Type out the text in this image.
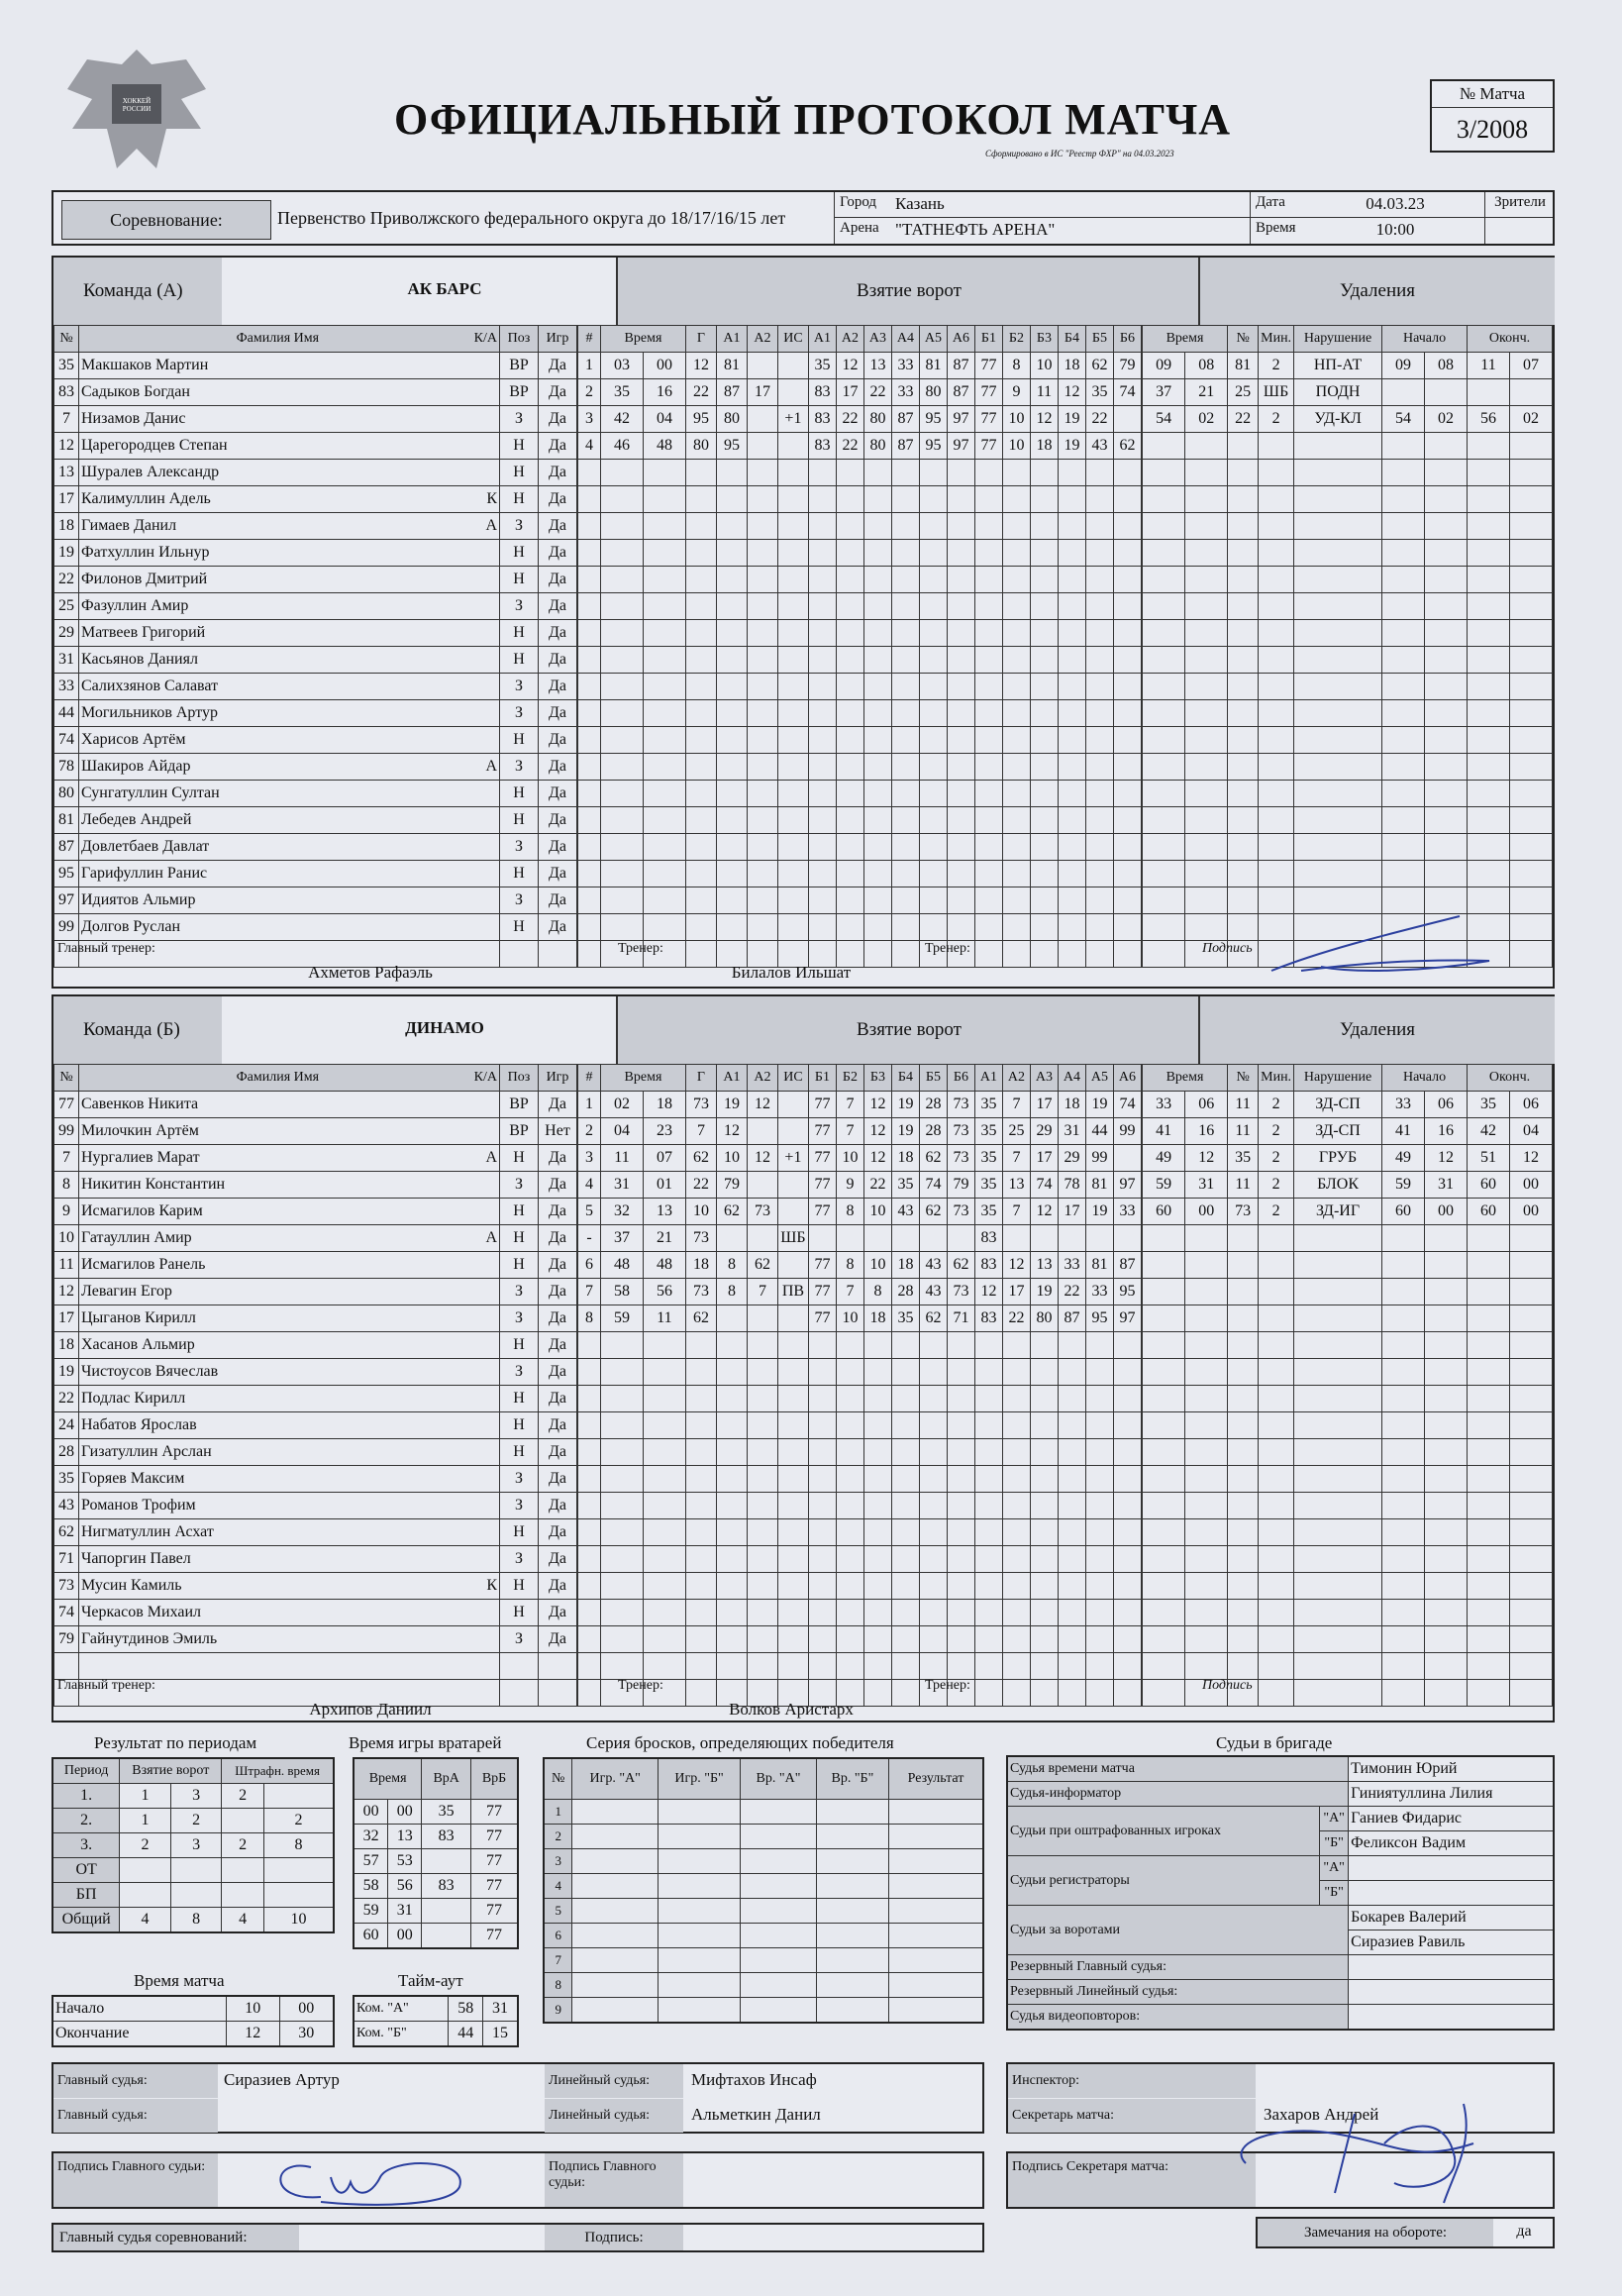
ХОККЕЙ РОССИИ	ОФИЦИАЛЬНЫЙ ПРОТОКОЛ МАТЧА
Сформировано в ИС "Реестр ФХР" на 04.03.2023
№ Матча
3/2008
Соревнование:	Первенство Приволжского федерального округа до 18/17/16/15 лет
Город Казань
Арена "ТАТНЕФТЬ АРЕНА"
Дата	04.03.23
Время	10:00
Зрители
Команда (А)	АК БАРС	Взятие ворот	Удаления
№	Фамилия Имя К/А	Поз	Игр	#	Время		Г	А1	А2	ИС	А1	А2	А3	А4	А5	А6	Б1	Б2	Б3	Б4	Б5	Б6	Время		№	Мин.	Нарушение	Начало		Оконч.	
35	Макшаков Мартин	ВР	Да	1	03	00	12	81			35	12	13	33	81	87	77	8	10	18	62	79	09	08	81	2	НП-АТ	09	08	11	07
83	Садыков Богдан	ВР	Да	2	35	16	22	87	17		83	17	22	33	80	87	77	9	11	12	35	74	37	21	25	ШБ	ПОДН				
7	Низамов Данис	З	Да	3	42	04	95	80		+1	83	22	80	87	95	97	77	10	12	19	22		54	02	22	2	УД-КЛ	54	02	56	02
12	Царегородцев Степан	Н	Да	4	46	48	80	95			83	22	80	87	95	97	77	10	18	19	43	62									
13	Шуралев Александр	Н	Да																												
17	Калимуллин Адель К	Н	Да																												
18	Гимаев Данил А	З	Да																												
19	Фатхуллин Ильнур	Н	Да																												
22	Филонов Дмитрий	Н	Да																												
25	Фазуллин Амир	З	Да																												
29	Матвеев Григорий	Н	Да																												
31	Касьянов Даниял	Н	Да																												
33	Салихзянов Салават	З	Да																												
44	Могильников Артур	З	Да																												
74	Харисов Артём	Н	Да																												
78	Шакиров Айдар А	З	Да																												
80	Сунгатуллин Султан	Н	Да																												
81	Лебедев Андрей	Н	Да																												
87	Довлетбаев Давлат	З	Да																												
95	Гарифуллин Ранис	Н	Да																												
97	Идиятов Альмир	З	Да																												
99	Долгов Руслан	Н	Да																												

Главный тренер:
Ахметов Рафаэль
Тренер:
Билалов Ильшат
Тренер:	Подпись
Команда (Б)	ДИНАМО	Взятие ворот	Удаления
№	Фамилия Имя К/А	Поз	Игр	#	Время		Г	А1	А2	ИС	Б1	Б2	Б3	Б4	Б5	Б6	А1	А2	А3	А4	А5	А6	Время		№	Мин.	Нарушение	Начало		Оконч.	
77	Савенков Никита	ВР	Да	1	02	18	73	19	12		77	7	12	19	28	73	35	7	17	18	19	74	33	06	11	2	ЗД-СП	33	06	35	06
99	Милочкин Артём	ВР	Нет	2	04	23	7	12			77	7	12	19	28	73	35	25	29	31	44	99	41	16	11	2	ЗД-СП	41	16	42	04
7	Нургалиев Марат А	Н	Да	3	11	07	62	10	12	+1	77	10	12	18	62	73	35	7	17	29	99		49	12	35	2	ГРУБ	49	12	51	12
8	Никитин Константин	З	Да	4	31	01	22	79			77	9	22	35	74	79	35	13	74	78	81	97	59	31	11	2	БЛОК	59	31	60	00
9	Исмагилов Карим	Н	Да	5	32	13	10	62	73		77	8	10	43	62	73	35	7	12	17	19	33	60	00	73	2	ЗД-ИГ	60	00	60	00
10	Гатауллин Амир А	Н	Да	-	37	21	73			ШБ							83														
11	Исмагилов Ранель	Н	Да	6	48	48	18	8	62		77	8	10	18	43	62	83	12	13	33	81	87									
12	Левагин Егор	З	Да	7	58	56	73	8	7	ПВ	77	7	8	28	43	73	12	17	19	22	33	95									
17	Цыганов Кирилл	З	Да	8	59	11	62				77	10	18	35	62	71	83	22	80	87	95	97									
18	Хасанов Альмир	Н	Да																												
19	Чистоусов Вячеслав	З	Да																												
22	Подлас Кирилл	Н	Да																												
24	Набатов Ярослав	Н	Да																												
28	Гизатуллин Арслан	Н	Да																												
35	Горяев Максим	З	Да																												
43	Романов Трофим	З	Да																												
62	Нигматуллин Асхат	Н	Да																												
71	Чапоргин Павел	З	Да																												
73	Мусин Камиль К	Н	Да																												
74	Черкасов Михаил	Н	Да																												
79	Гайнутдинов Эмиль	З	Да																												

Главный тренер:
Архипов Даниил
Тренер:
Волков Аристарх
Тренер:	Подпись
Результат по периодам
Период	Взятие ворот		Штрафн. время	
1.	1	3	2	
2.	1	2		2
3.	2	3	2	8
ОТ				
БП				
Общий	4	8	4	10
Время игры вратарей
Время		ВрА	ВрБ
00	00	35	77
32	13	83	77
57	53		77
58	56	83	77
59	31		77
60	00		77
Время матча
Начало	10	00
Окончание	12	30
Тайм-аут
Ком. "А"	58	31
Ком. "Б"	44	15
Серия бросков, определяющих победителя
№	Игр. "А"	Игр. "Б"	Вр. "А"	Вр. "Б"	Результат
1					
2					
3					
4					
5					
6					
7					
8					
9					
Судьи в бригаде
Судья времени матча		Тимонин Юрий
Судья-информатор		Гиниятуллина Лилия
Судьи при оштрафованных игроках	"А"	Ганиев Фидарис
	"Б"	Феликсон Вадим
Судьи регистраторы	"А"	
	"Б"	
Судьи за воротами		Бокарев Валерий
		Сиразиев Равиль
Резервный Главный судья:		
Резервный Линейный судья:		
Судья видеоповторов:		
Главный судья:	Сиразиев Артур
Главный судья:
Линейный судья:	Мифтахов Инсаф
Линейный судья:	Альметкин Данил
Инспектор:
Секретарь матча:	Захаров Андрей
Подпись Главного судьи:	Подпись Главного судьи:
Подпись Секретаря матча:
Главный судья соревнований:	Подпись:	Замечания на обороте:	да
